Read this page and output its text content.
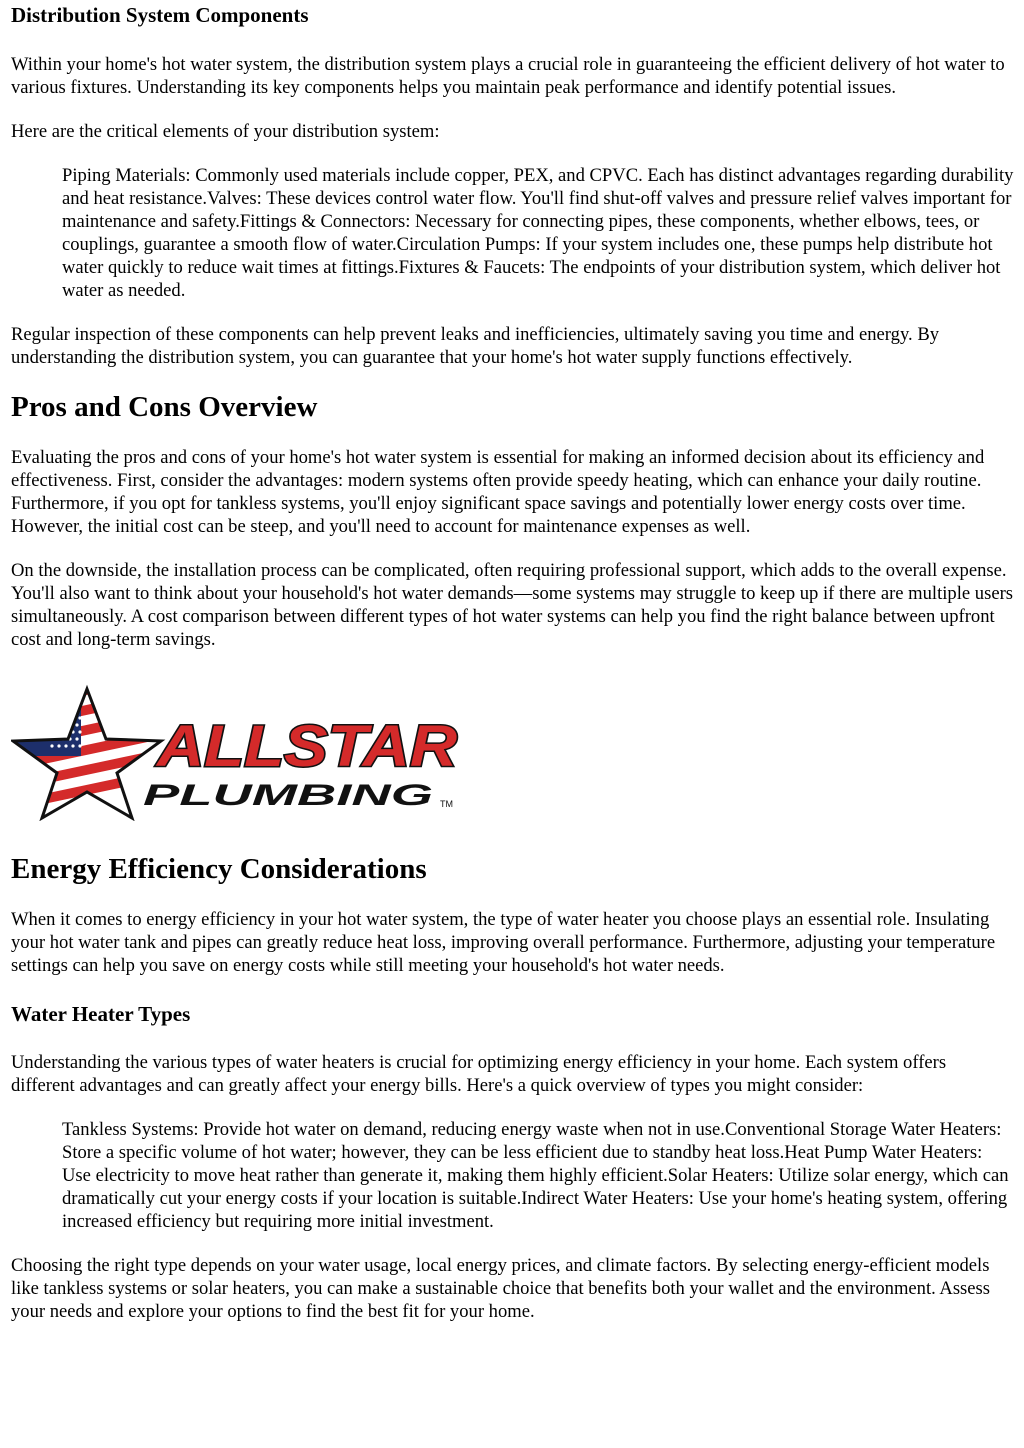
Distribution System Components

Within your home's hot water system, the distribution system plays a crucial role in guaranteeing the efficient delivery of hot water to various fixtures. Understanding its key components helps you maintain peak performance and identify potential issues.

Here are the critical elements of your distribution system:

Piping Materials: Commonly used materials include copper, PEX, and CPVC. Each has distinct advantages regarding durability and heat resistance.Valves: These devices control water flow. You'll find shut-off valves and pressure relief valves important for maintenance and safety.Fittings & Connectors: Necessary for connecting pipes, these components, whether elbows, tees, or couplings, guarantee a smooth flow of water.Circulation Pumps: If your system includes one, these pumps help distribute hot water quickly to reduce wait times at fittings.Fixtures & Faucets: The endpoints of your distribution system, which deliver hot water as needed.

Regular inspection of these components can help prevent leaks and inefficiencies, ultimately saving you time and energy. By understanding the distribution system, you can guarantee that your home's hot water supply functions effectively.

Pros and Cons Overview

Evaluating the pros and cons of your home's hot water system is essential for making an informed decision about its efficiency and effectiveness. First, consider the advantages: modern systems often provide speedy heating, which can enhance your daily routine. Furthermore, if you opt for tankless systems, you'll enjoy significant space savings and potentially lower energy costs over time. However, the initial cost can be steep, and you'll need to account for maintenance expenses as well.

On the downside, the installation process can be complicated, often requiring professional support, which adds to the overall expense. You'll also want to think about your household's hot water demands—some systems may struggle to keep up if there are multiple users simultaneously. A cost comparison between different types of hot water systems can help you find the right balance between upfront cost and long-term savings.

ALLSTAR
PLUMBING TM
Energy Efficiency Considerations

When it comes to energy efficiency in your hot water system, the type of water heater you choose plays an essential role. Insulating your hot water tank and pipes can greatly reduce heat loss, improving overall performance. Furthermore, adjusting your temperature settings can help you save on energy costs while still meeting your household's hot water needs.

Water Heater Types

Understanding the various types of water heaters is crucial for optimizing energy efficiency in your home. Each system offers different advantages and can greatly affect your energy bills. Here's a quick overview of types you might consider:

Tankless Systems: Provide hot water on demand, reducing energy waste when not in use.Conventional Storage Water Heaters: Store a specific volume of hot water; however, they can be less efficient due to standby heat loss.Heat Pump Water Heaters: Use electricity to move heat rather than generate it, making them highly efficient.Solar Heaters: Utilize solar energy, which can dramatically cut your energy costs if your location is suitable.Indirect Water Heaters: Use your home's heating system, offering increased efficiency but requiring more initial investment.

Choosing the right type depends on your water usage, local energy prices, and climate factors. By selecting energy-efficient models like tankless systems or solar heaters, you can make a sustainable choice that benefits both your wallet and the environment. Assess your needs and explore your options to find the best fit for your home.
